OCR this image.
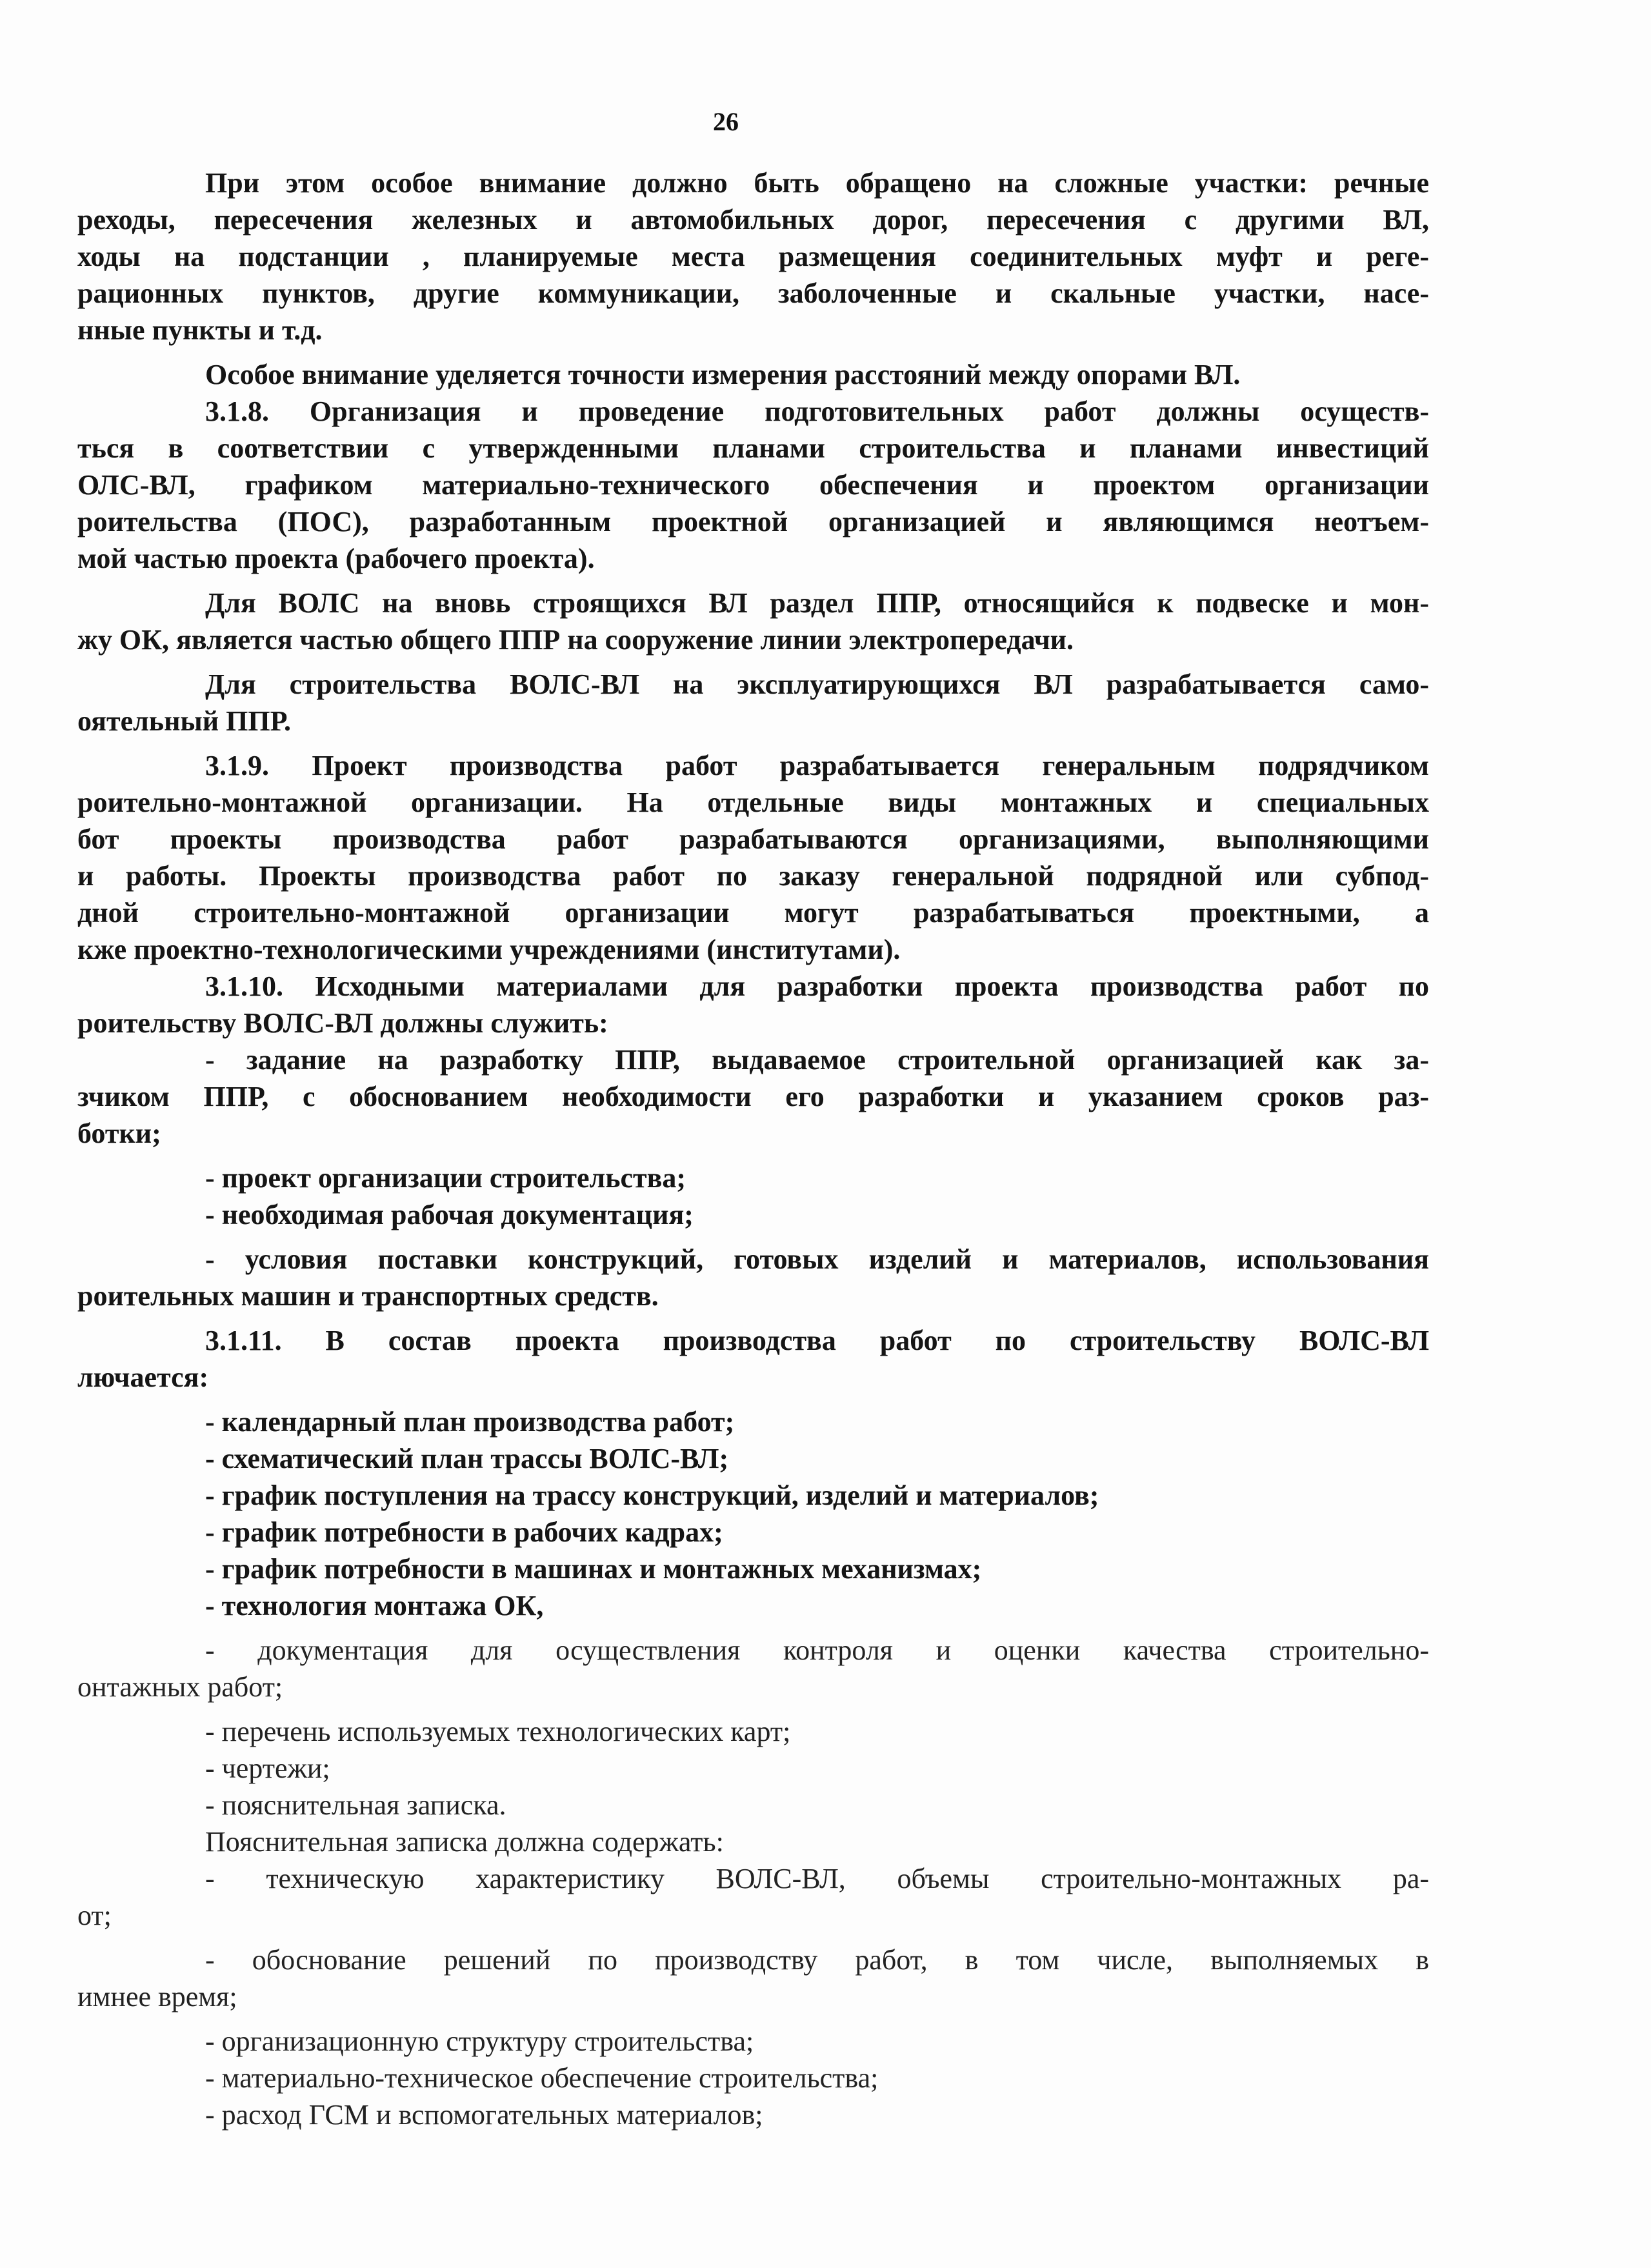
26
При этом особое внимание должно быть обращено на сложные участки: речные
реходы, пересечения железных и автомобильных дорог, пересечения с другими ВЛ,
ходы на подстанции , планируемые места размещения соединительных муфт и реге-
рационных пунктов, другие коммуникации, заболоченные и скальные участки, насе-
нные пункты и т.д.
Особое внимание уделяется точности измерения расстояний между опорами ВЛ.
3.1.8. Организация и проведение подготовительных работ должны осуществ-
ться в соответствии с утвержденными планами строительства и планами инвестиций
ОЛС-ВЛ, графиком материально-технического обеспечения и проектом организации
роительства (ПОС), разработанным проектной организацией и являющимся неотъем-
мой частью проекта (рабочего проекта).
Для ВОЛС на вновь строящихся ВЛ раздел ППР, относящийся к подвеске и мон-
жу ОК, является частью общего ППР на сооружение линии электропередачи.
Для строительства ВОЛС-ВЛ на эксплуатирующихся ВЛ разрабатывается само-
оятельный ППР.
3.1.9. Проект производства работ разрабатывается генеральным подрядчиком
роительно-монтажной организации. На отдельные виды монтажных и специальных
бот проекты производства работ разрабатываются организациями, выполняющими
и работы. Проекты производства работ по заказу генеральной подрядной или субпод-
дной строительно-монтажной организации могут разрабатываться проектными, а
кже проектно-технологическими учреждениями (институтами).
3.1.10. Исходными материалами для разработки проекта производства работ по
роительству ВОЛС-ВЛ должны служить:
- задание на разработку ППР, выдаваемое строительной организацией как за-
зчиком ППР, с обоснованием необходимости его разработки и указанием сроков раз-
ботки;
- проект организации строительства;
- необходимая рабочая документация;
- условия поставки конструкций, готовых изделий и материалов, использования
роительных машин и транспортных средств.
3.1.11. В состав проекта производства работ по строительству ВОЛС-ВЛ
лючается:
- календарный план производства работ;
- схематический план трассы ВОЛС-ВЛ;
- график поступления на трассу конструкций, изделий и материалов;
- график потребности в рабочих кадрах;
- график потребности в машинах и монтажных механизмах;
- технология монтажа ОК,
- документация для осуществления контроля и оценки качества строительно-
онтажных работ;
- перечень используемых технологических карт;
- чертежи;
- пояснительная записка.
Пояснительная записка должна содержать:
- техническую характеристику ВОЛС-ВЛ, объемы строительно-монтажных ра-
от;
- обоснование решений по производству работ, в том числе, выполняемых в
имнее время;
- организационную структуру строительства;
- материально-техническое обеспечение строительства;
- расход ГСМ и вспомогательных материалов;
